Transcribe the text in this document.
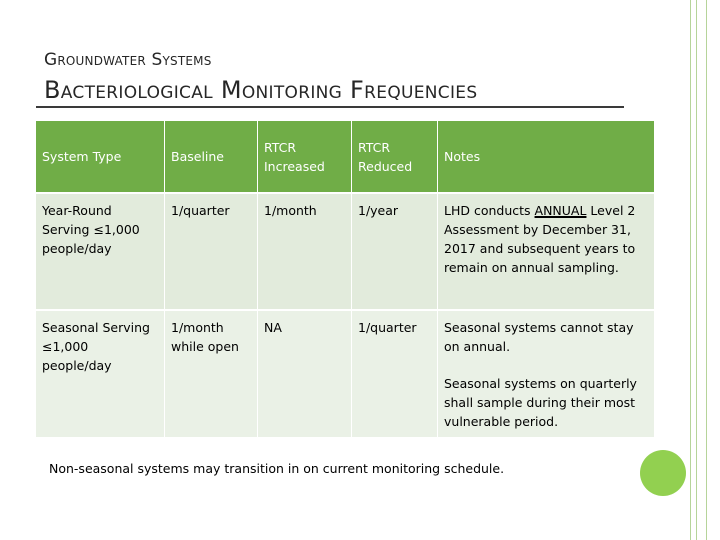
Groundwater Systems
Bacteriological Monitoring Frequencies
System Type	Baseline	RTCR Increased	RTCR Reduced	Notes
Year-Round Serving ≤1,000 people/day	1/quarter	1/month	1/year	LHD conducts ANNUAL Level 2 Assessment by December 31, 2017 and subsequent years to remain on annual sampling.
Seasonal Serving ≤1,000 people/day	1/month while open	NA	1/quarter	Seasonal systems cannot stay on annual.
Seasonal systems on quarterly shall sample during their most vulnerable period.
Non-seasonal systems may transition in on current monitoring schedule.
